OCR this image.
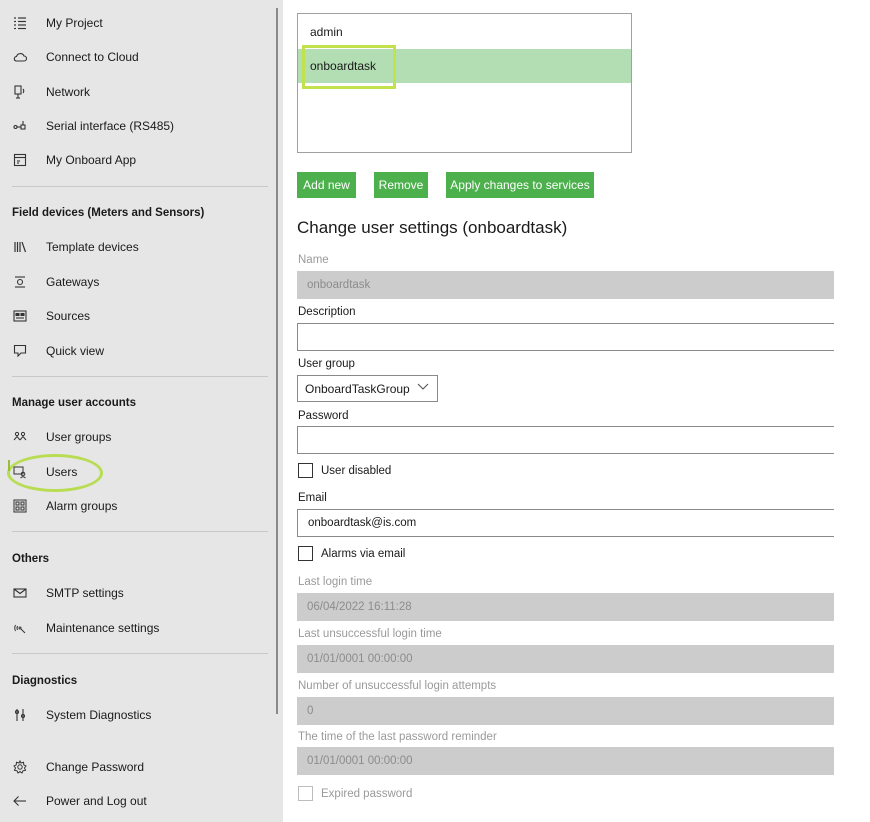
My Project
Connect to Cloud
Network
Serial interface (RS485)
My Onboard App
Field devices (Meters and Sensors)
Template devices
Gateways
Sources
Quick view
Manage user accounts
User groups
Users
Alarm groups
Others
SMTP settings
Maintenance settings
Diagnostics
System Diagnostics
Change Password
Power and Log out
admin
onboardtask
Add new	Remove	Apply changes to services
Change user settings (onboardtask)
Name
onboardtask
Description
User group
OnboardTaskGroup
Password
User disabled
Email
onboardtask@is.com
Alarms via email
Last login time
06/04/2022 16:11:28
Last unsuccessful login time
01/01/0001 00:00:00
Number of unsuccessful login attempts
0
The time of the last password reminder
01/01/0001 00:00:00
Expired password
